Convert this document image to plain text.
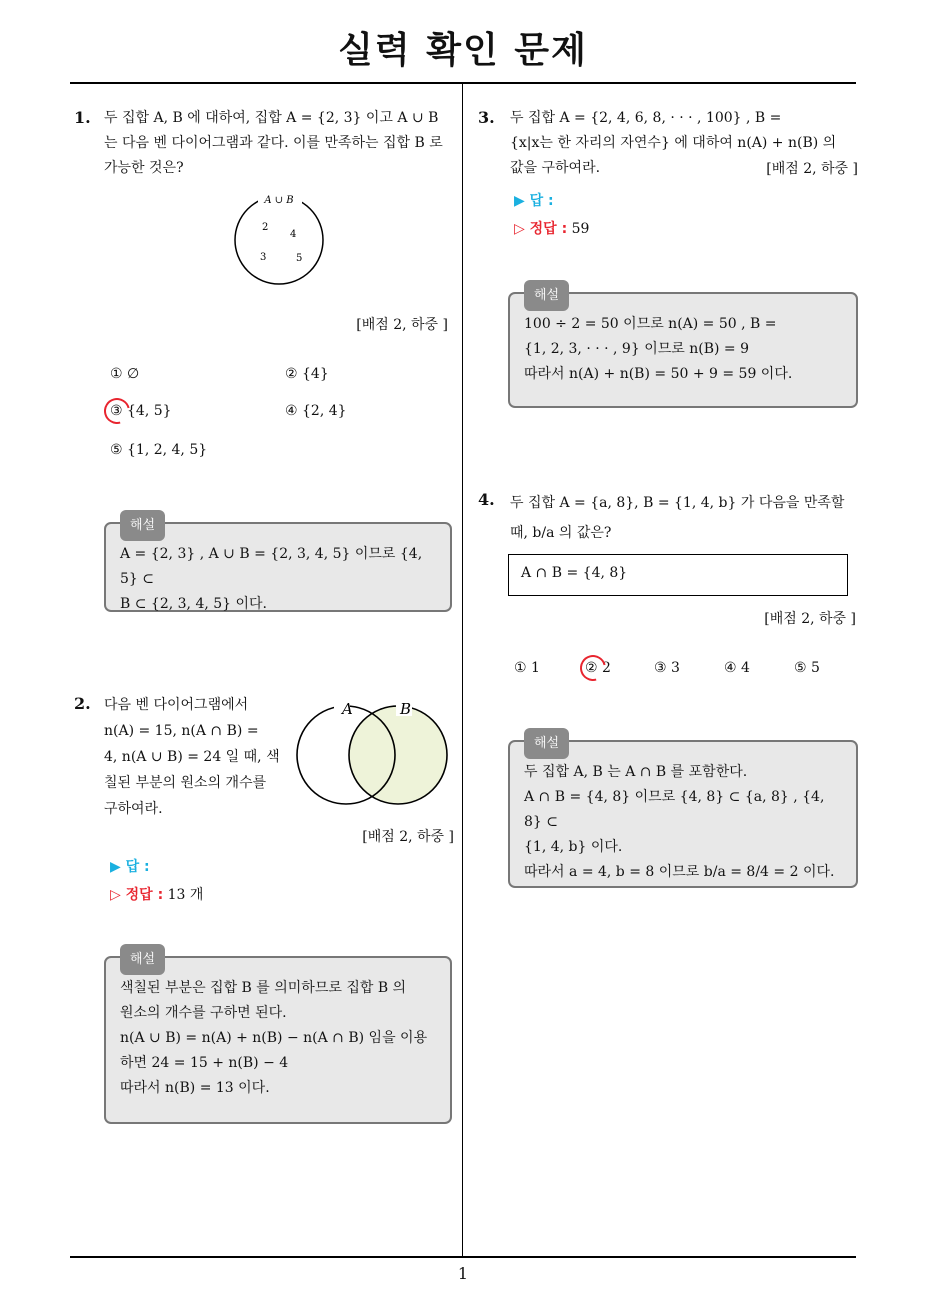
실력 확인 문제
1. 두 집합 A, B 에 대하여, 집합 A = {2, 3} 이고 A ∪ B 는 다음 벤 다이어그램과 같다. 이를 만족하는 집합 B 로 가능한 것은?
A ∪ B
2
4
3	5
[배점 2, 하중 ]
① ∅	② {4}
③ {4, 5}	④ {2, 4}
⑤ {1, 2, 4, 5}
해설
A = {2, 3} , A ∪ B = {2, 3, 4, 5} 이므로 {4, 5} ⊂
B ⊂ {2, 3, 4, 5} 이다.
2. 다음 벤 다이어그램에서
n(A) = 15, n(A ∩ B) =
4, n(A ∪ B) = 24 일 때, 색
칠된 부분의 원소의 개수를
구하여라.
A	B
[배점 2, 하중 ]
▶ 답 :
▷ 정답 : 13 개
해설
색칠된 부분은 집합 B 를 의미하므로 집합 B 의
원소의 개수를 구하면 된다.
n(A ∪ B) = n(A) + n(B) − n(A ∩ B) 임을 이용
하면 24 = 15 + n(B) − 4
따라서 n(B) = 13 이다.
3. 두 집합 A = {2, 4, 6, 8, · · · , 100} , B =
{x|x는 한 자리의 자연수} 에 대하여 n(A) + n(B) 의
값을 구하여라.	[배점 2, 하중 ]
▶ 답 :
▷ 정답 : 59
해설
100 ÷ 2 = 50 이므로 n(A) = 50 , B =
{1, 2, 3, · · · , 9} 이므로 n(B) = 9
따라서 n(A) + n(B) = 50 + 9 = 59 이다.
4. 두 집합 A = {a, 8}, B = {1, 4, b} 가 다음을 만족할
때, b/a 의 값은?
A ∩ B = {4, 8}
[배점 2, 하중 ]
① 1	② 2	③ 3	④ 4	⑤ 5
해설
두 집합 A, B 는 A ∩ B 를 포함한다.
A ∩ B = {4, 8} 이므로 {4, 8} ⊂ {a, 8} , {4, 8} ⊂
{1, 4, b} 이다.
따라서 a = 4, b = 8 이므로 b/a = 8/4 = 2 이다.
1
